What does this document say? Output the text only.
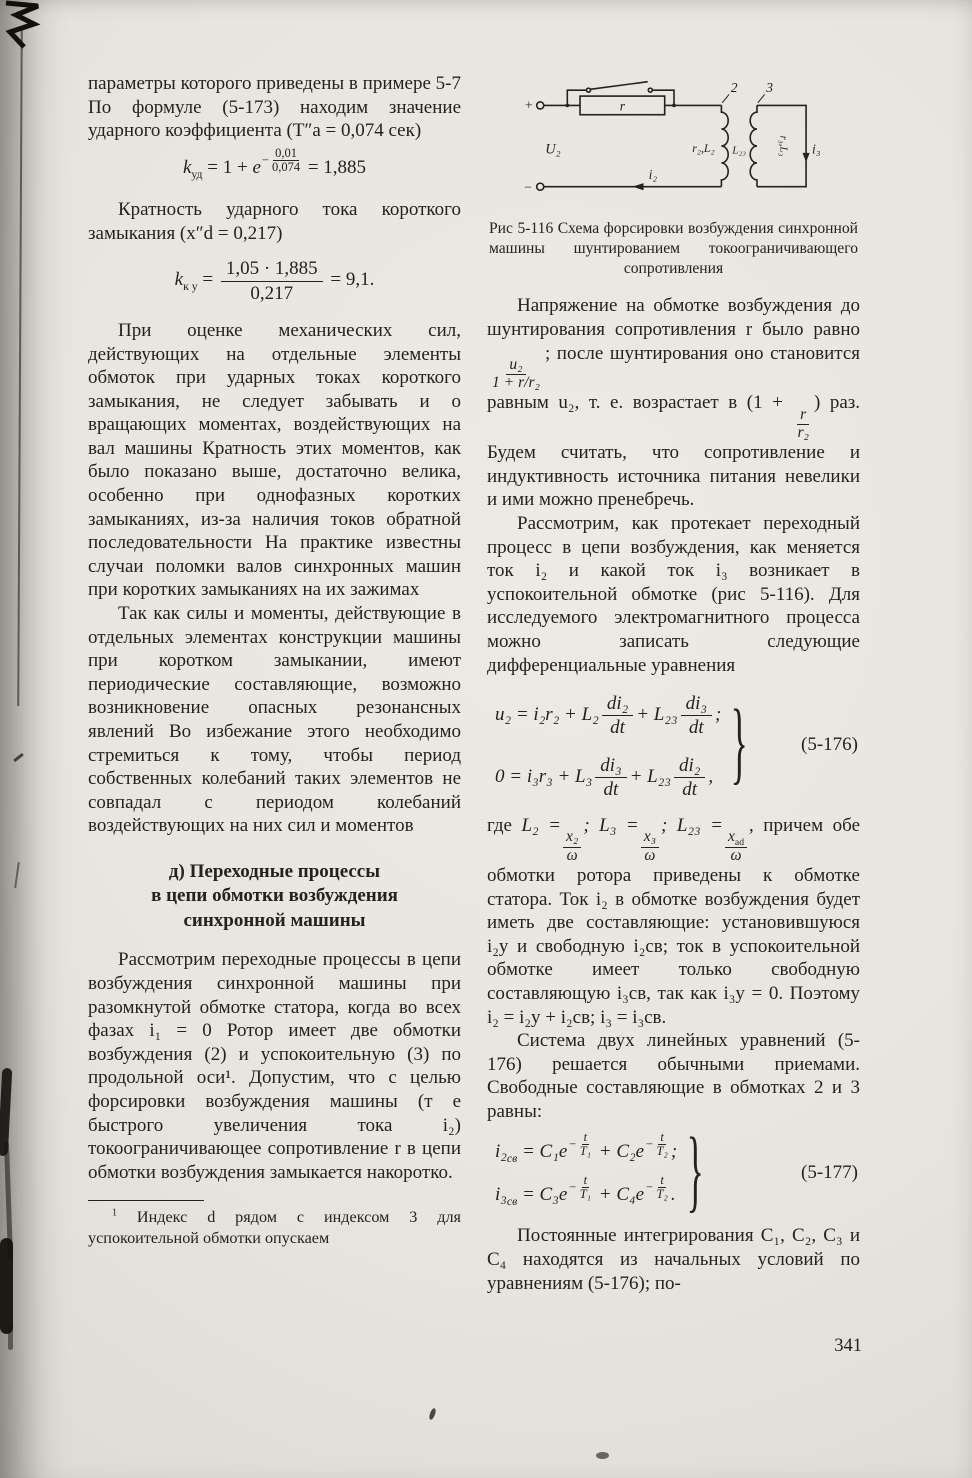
параметры которого приведены в примере 5-7 По формуле (5-173) находим значение ударного коэффициента (T″a = 0,074 сек)

$k_{уд} = 1 + e - \frac{0,01}{0,074} = 1,885$

Кратность ударного тока короткого замыкания (x″d = 0,217)

$k_{к у} = \frac{1,05 \cdot 1,885}{0,217} = 9,1$.

При оценке механических сил, действующих на отдельные элементы обмоток при ударных токах короткого замыкания, не следует забывать и о вращающих моментах, воздействующих на вал машины Кратность этих моментов, как было показано выше, достаточно велика, особенно при однофазных коротких замыканиях, из-за наличия токов обратной последовательности На практике известны случаи поломки валов синхронных машин при коротких замыканиях на их зажимах

Так как силы и моменты, действующие в отдельных элементах конструкции машины при коротком замыкании, имеют периодические составляющие, возможно возникновение опасных резонансных явлений Во избежание этого необходимо стремиться к тому, чтобы период собственных колебаний таких элементов не совпадал с периодом колебаний воздействующих на них сил и моментов

д) Переходные процессы
в цепи обмотки возбуждения
синхронной машины

Рассмотрим переходные процессы в цепи возбуждения синхронной машины при разомкнутой обмотке статора, когда во всех фазах i₁ = 0 Ротор имеет две обмотки возбуждения (2) и успокоительную (3) по продольной оси¹. Допустим, что с целью форсировки возбуждения машины (т е быстрого увеличения тока i₂) токоограничивающее сопротивление r в цепи обмотки возбуждения замыкается накоротко.

$^1$ Индекс d рядом с индексом 3 для успокоительной обмотки опускаем

+
−
U₂
r
2 3
r₂,L₂ L₂₃ r₃,L₃
i₂
i₃
Рис 5-116 Схема форсировки возбуждения синхронной машины шунтированием токоограничивающего сопротивления

Напряжение на обмотке возбуждения до шунтирования сопротивления r было равно
$\frac{\text{u₂}}{\text{1 + r/r₂}}$
; после шунтирования оно становится равным u₂, т. е. возрастает в (1 +
$\frac{r}{\text{r₂}}$
) раз. Будем считать, что сопротивление и индуктивность источника питания невелики и ими можно пренебречь.

Рассмотрим, как протекает переходный процесс в цепи возбуждения, как меняется ток i₂ и какой ток i₃ возникает в успокоительной обмотке (рис 5-116). Для исследуемого электромагнитного процесса можно записать следующие дифференциальные уравнения

$u_2 = i_2r_2 + L_2 \frac{\text{di₂}}{dt} + L_{23} \frac{\text{di₃}}{dt}$ ;
$0 = i_3r_3 + L_3 \frac{\text{di₃}}{dt} + L_{23} \frac{\text{di₂}}{dt}$ , }	(5-176)

где L₂ =
$\frac{\text{x₂}}{\omega}$
; L₃ =
$\frac{\text{x₃}}{\omega}$
; L₂₃ =
$\frac{x_{ad}}{\omega}$
, причем обе обмотки ротора приведены к обмотке статора. Ток i₂ в обмотке возбуждения будет иметь две составляющие: установившуюся i₂у и свободную i₂св; ток в успокоительной обмотке имеет только свободную составляющую i₃св, так как i₃у = 0. Поэтому i₂ = i₂у + i₂св; i₃ = i₃св.

Система двух линейных уравнений (5-176) решается обычными приемами. Свободные составляющие в обмотках 2 и 3 равны:

$i_2_{св} = C_1e - \frac{t}{\text{T₁}} + C_2e - \frac{t}{\text{T₂}}$ ;
$i_3_{св} = C_3e - \frac{t}{\text{T₁}} + C_4e - \frac{t}{\text{T₂}}$ . }	(5-177)

Постоянные интегрирования C₁, C₂, C₃ и C₄ находятся из начальных условий по уравнениям (5-176); по-

341
